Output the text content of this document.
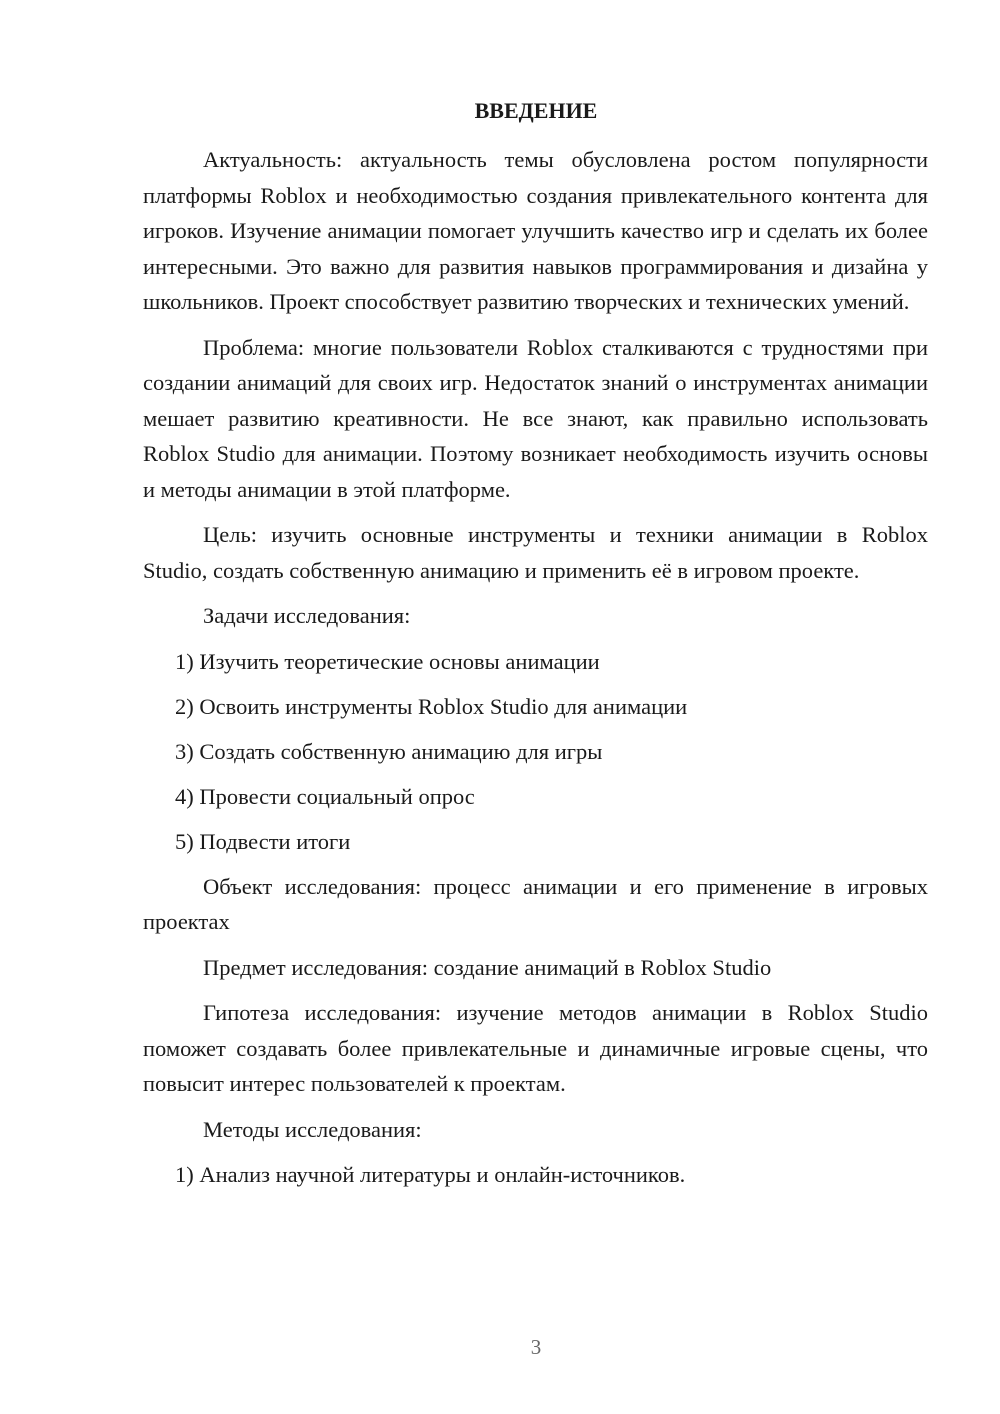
ВВЕДЕНИЕ

Актуальность: актуальность темы обусловлена ростом популярности платформы Roblox и необходимостью создания привлекательного контента для игроков. Изучение анимации помогает улучшить качество игр и сделать их более интересными. Это важно для развития навыков программирования и дизайна у школьников. Проект способствует развитию творческих и технических умений.

Проблема: многие пользователи Roblox сталкиваются с трудностями при создании анимаций для своих игр. Недостаток знаний о инструментах анимации мешает развитию креативности. Не все знают, как правильно использовать Roblox Studio для анимации. Поэтому возникает необходимость изучить основы и методы анимации в этой платформе.

Цель: изучить основные инструменты и техники анимации в Roblox Studio, создать собственную анимацию и применить её в игровом проекте.

Задачи исследования:

1) Изучить теоретические основы анимации
2) Освоить инструменты Roblox Studio для анимации
3) Создать собственную анимацию для игры
4) Провести социальный опрос
5) Подвести итоги

Объект исследования: процесс анимации и его применение в игровых проектах

Предмет исследования: создание анимаций в Roblox Studio

Гипотеза исследования: изучение методов анимации в Roblox Studio поможет создавать более привлекательные и динамичные игровые сцены, что повысит интерес пользователей к проектам.

Методы исследования:

1) Анализ научной литературы и онлайн-источников.
3
